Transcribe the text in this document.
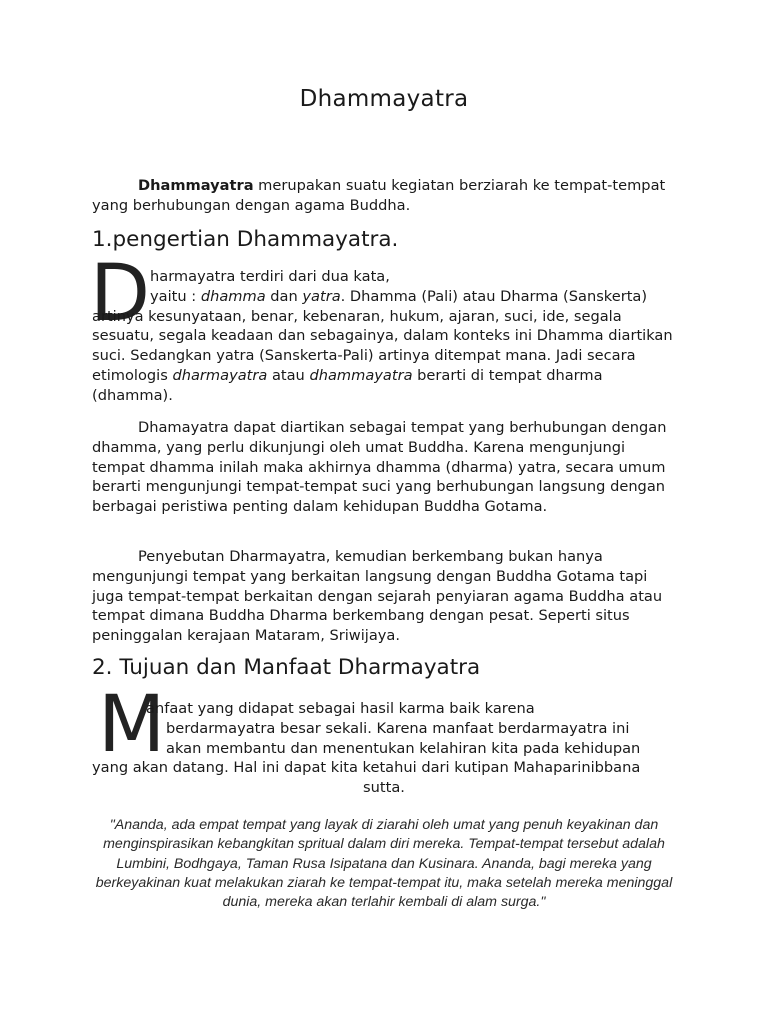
Dhammayatra
Dhammayatra merupakan suatu kegiatan berziarah ke tempat-tempat yang berhubungan dengan agama Buddha.
1.pengertian Dhammayatra.
D harmayatra terdiri dari dua kata,
yaitu : dhamma dan yatra. Dhamma (Pali) atau Dharma (Sanskerta) artinya kesunyataan, benar, kebenaran, hukum, ajaran, suci, ide, segala sesuatu, segala keadaan dan sebagainya, dalam konteks ini Dhamma diartikan suci. Sedangkan yatra (Sanskerta-Pali) artinya ditempat mana. Jadi secara etimologis dharmayatra atau dhammayatra berarti di tempat dharma (dhamma).
Dhamayatra dapat diartikan sebagai tempat yang berhubungan dengan dhamma, yang perlu dikunjungi oleh umat Buddha. Karena mengunjungi tempat dhamma inilah maka akhirnya dhamma (dharma) yatra, secara umum berarti mengunjungi tempat-tempat suci yang berhubungan langsung dengan berbagai peristiwa penting dalam kehidupan Buddha Gotama.
Penyebutan Dharmayatra, kemudian berkembang bukan hanya mengunjungi tempat yang berkaitan langsung dengan Buddha Gotama tapi juga tempat-tempat berkaitan dengan sejarah penyiaran agama Buddha atau tempat dimana Buddha Dharma berkembang dengan pesat. Seperti situs peninggalan kerajaan Mataram, Sriwijaya.
2. Tujuan dan Manfaat Dharmayatra
M
anfaat yang didapat sebagai hasil karma baik karena
berdarmayatra besar sekali. Karena manfaat berdarmayatra ini
akan membantu dan menentukan kelahiran kita pada kehidupan
yang akan datang. Hal ini dapat kita ketahui dari kutipan Mahaparinibbana
sutta.
"Ananda, ada empat tempat yang layak di ziarahi oleh umat yang penuh keyakinan dan menginspirasikan kebangkitan spritual dalam diri mereka. Tempat-tempat tersebut adalah Lumbini, Bodhgaya, Taman Rusa Isipatana dan Kusinara. Ananda, bagi mereka yang berkeyakinan kuat melakukan ziarah ke tempat-tempat itu, maka setelah mereka meninggal dunia, mereka akan terlahir kembali di alam surga."
